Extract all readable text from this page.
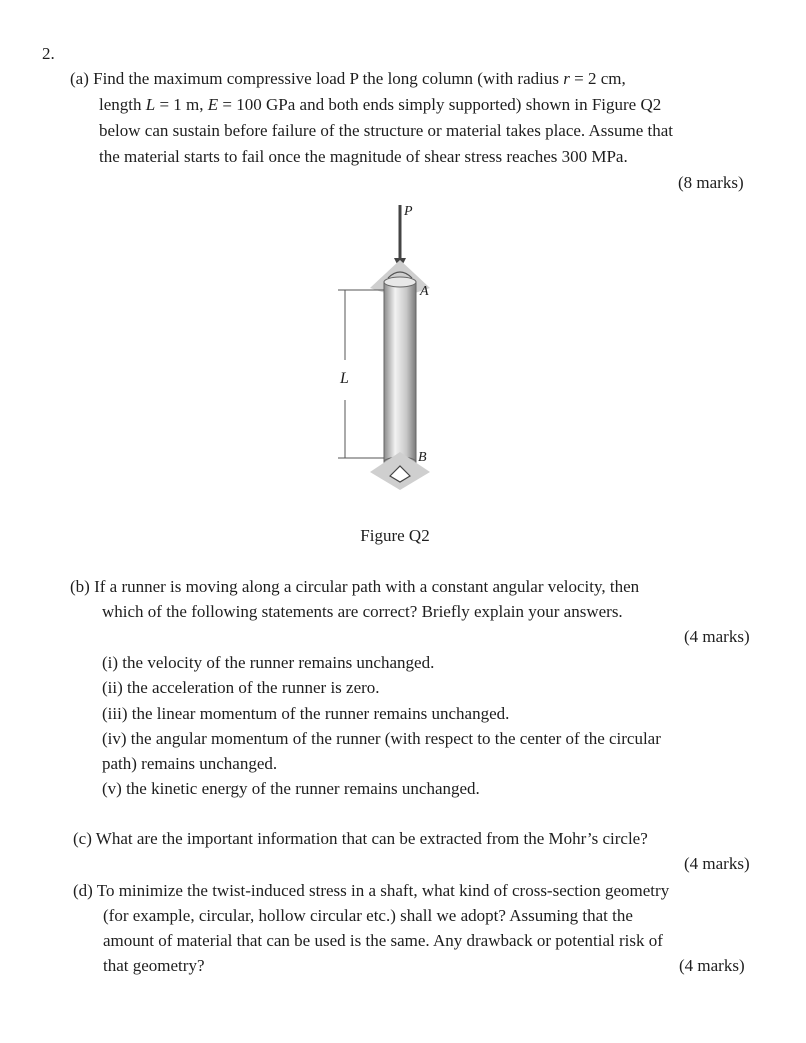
2.
(a) Find the maximum compressive load P the long column (with radius r = 2 cm,
length L = 1 m, E = 100 GPa and both ends simply supported) shown in Figure Q2
below can sustain before failure of the structure or material takes place. Assume that
the material starts to fail once the magnitude of shear stress reaches 300 MPa.
(8 marks)
P
A
B
L
Figure Q2
(b) If a runner is moving along a circular path with a constant angular velocity, then
which of the following statements are correct? Briefly explain your answers.
(4 marks)
(i) the velocity of the runner remains unchanged.
(ii) the acceleration of the runner is zero.
(iii) the linear momentum of the runner remains unchanged.
(iv) the angular momentum of the runner (with respect to the center of the circular
path) remains unchanged.
(v) the kinetic energy of the runner remains unchanged.
(c) What are the important information that can be extracted from the Mohr’s circle?
(4 marks)
(d) To minimize the twist-induced stress in a shaft, what kind of cross-section geometry
(for example, circular, hollow circular etc.) shall we adopt? Assuming that the
amount of material that can be used is the same. Any drawback or potential risk of
that geometry?	(4 marks)
